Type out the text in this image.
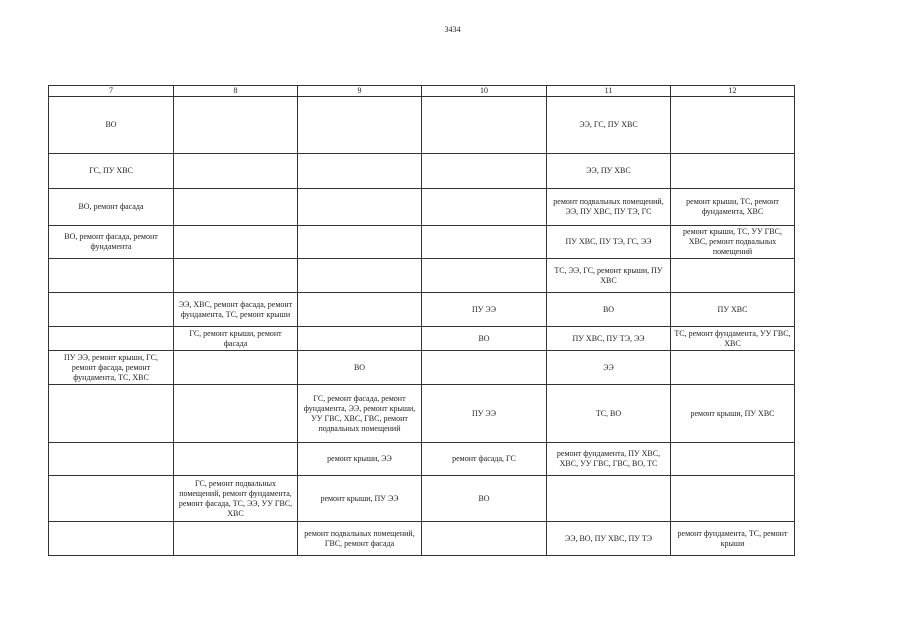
3434
7	8	9	10	11	12
ВО				ЭЭ, ГС, ПУ ХВС	
ГС, ПУ ХВС				ЭЭ, ПУ ХВС	
ВО, ремонт фасада				ремонт подвальных помещений, ЭЭ, ПУ ХВС, ПУ ТЭ, ГС	ремонт крыши, ТС, ремонт фундамента, ХВС
ВО, ремонт фасада, ремонт фундамента				ПУ ХВС, ПУ ТЭ, ГС, ЭЭ	ремонт крыши, ТС, УУ ГВС, ХВС, ремонт подвальных помещений
				ТС, ЭЭ, ГС, ремонт крыши, ПУ ХВС	
	ЭЭ, ХВС, ремонт фасада, ремонт фундамента, ТС, ремонт крыши		ПУ ЭЭ	ВО	ПУ ХВС
	ГС, ремонт крыши, ремонт фасада		ВО	ПУ ХВС, ПУ ТЭ, ЭЭ	ТС, ремонт фундамента, УУ ГВС, ХВС
ПУ ЭЭ, ремонт крыши, ГС, ремонт фасада, ремонт фундамента, ТС, ХВС		ВО		ЭЭ	
		ГС, ремонт фасада, ремонт фундамента, ЭЭ, ремонт крыши, УУ ГВС, ХВС, ГВС, ремонт подвальных помещений	ПУ ЭЭ	ТС, ВО	ремонт крыши, ПУ ХВС
		ремонт крыши, ЭЭ	ремонт фасада, ГС	ремонт фундамента, ПУ ХВС, ХВС, УУ ГВС, ГВС, ВО, ТС	
	ГС, ремонт подвальных помещений, ремонт фундамента, ремонт фасада, ТС, ЭЭ, УУ ГВС, ХВС	ремонт крыши, ПУ ЭЭ	ВО		
		ремонт подвальных помещений, ГВС, ремонт фасада		ЭЭ, ВО, ПУ ХВС, ПУ ТЭ	ремонт фундамента, ТС, ремонт крыши
